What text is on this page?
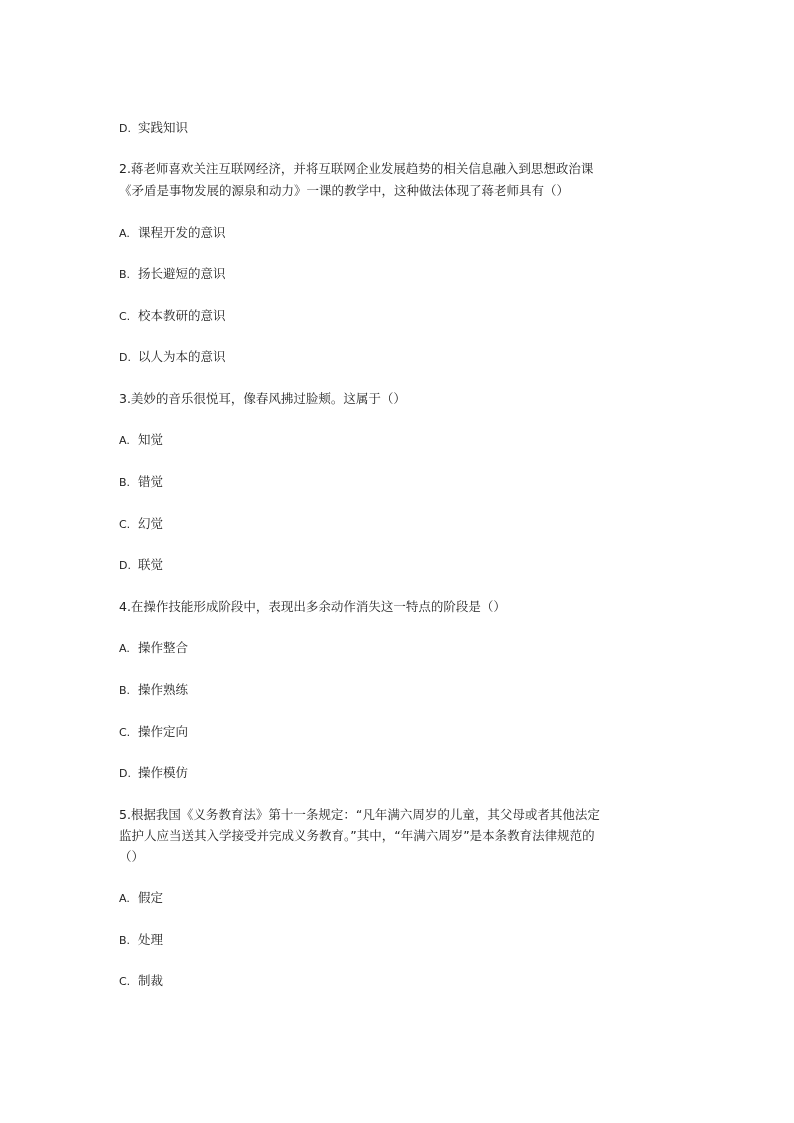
D. 实践知识
2.蒋老师喜欢关注互联网经济，并将互联网企业发展趋势的相关信息融入到思想政治课
《矛盾是事物发展的源泉和动力》一课的教学中，这种做法体现了蒋老师具有（）
A. 课程开发的意识
B. 扬长避短的意识
C. 校本教研的意识
D. 以人为本的意识
3.美妙的音乐很悦耳，像春风拂过脸颊。这属于（）
A. 知觉
B. 错觉
C. 幻觉
D. 联觉
4.在操作技能形成阶段中，表现出多余动作消失这一特点的阶段是（）
A. 操作整合
B. 操作熟练
C. 操作定向
D. 操作模仿
5.根据我国《义务教育法》第十一条规定：“凡年满六周岁的儿童，其父母或者其他法定
监护人应当送其入学接受并完成义务教育。”其中，“年满六周岁”是本条教育法律规范的
（）
A. 假定
B. 处理
C. 制裁
